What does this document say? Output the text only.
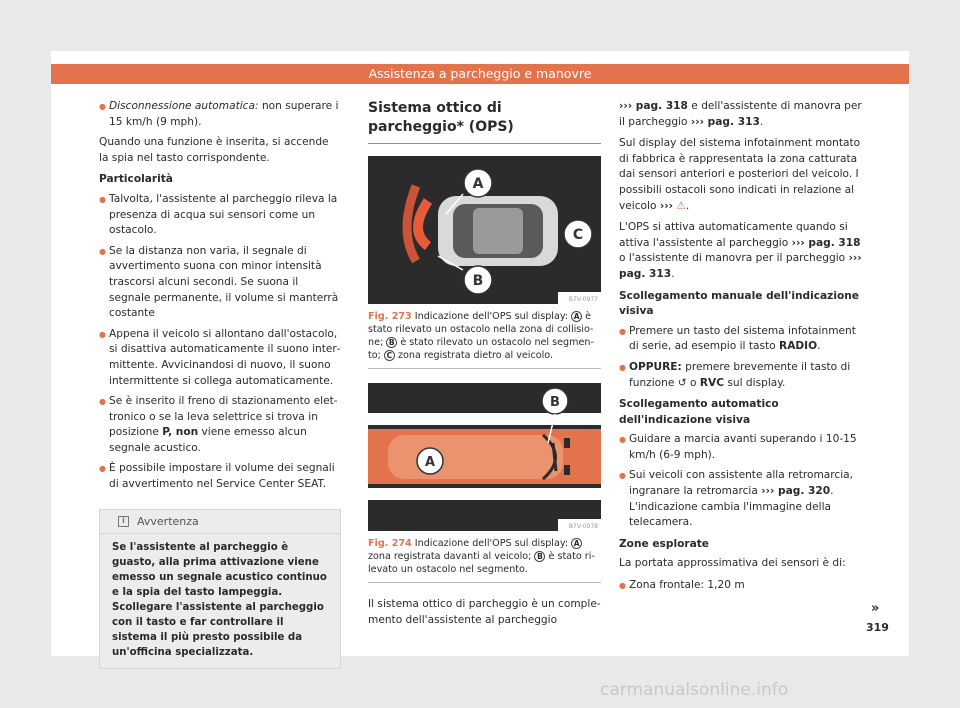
Assistenza a parcheggio e manovre
● Disconnessione automatica: non superare i 15 km/h (9 mph).

Quando una funzione è inserita, si accende la spia nel tasto corrispondente.

Particolarità
● Talvolta, l'assistente al parcheggio rileva la presenza di acqua sui sensori come un ostacolo.
● Se la distanza non varia, il segnale di avvertimento suona con minor intensità trascorsi alcuni secondi. Se suona il segnale permanente, il volume si manterrà costante
● Appena il veicolo si allontano dall'ostacolo, si disattiva automaticamente il suono intermittente. Avvicinandosi di nuovo, il suono intermittente si collega automaticamente.
● Se è inserito il freno di stazionamento elettronico o se la leva selettrice si trova in posizione P, non viene emesso alcun segnale acustico.
● È possibile impostare il volume dei segnali di avvertimento nel Service Center SEAT.
i	Avvertenza
Se l'assistente al parcheggio è guasto, alla prima attivazione viene emesso un segnale acustico continuo e la spia del tasto lampeggia. Scollegare l'assistente al parcheggio con il tasto e far controllare il sistema il più presto possibile da un'officina specializzata.
Sistema ottico di parcheggio* (OPS)
A
C
B
B7V-0977
Fig. 273 Indicazione dell'OPS sul display: A è stato rilevato un ostacolo nella zona di collisione; B è stato rilevato un ostacolo nel segmento; C zona registrata dietro al veicolo.
B
A
B7V-0978
Fig. 274 Indicazione dell'OPS sul display: A zona registrata davanti al veicolo; B è stato rilevato un ostacolo nel segmento.

Il sistema ottico di parcheggio è un complemento dell'assistente al parcheggio

››› pag. 318 e dell'assistente di manovra per il parcheggio ››› pag. 313.

Sul display del sistema infotainment montato di fabbrica è rappresentata la zona catturata dai sensori anteriori e posteriori del veicolo. I possibili ostacoli sono indicati in relazione al veicolo ››› ⚠.

L'OPS si attiva automaticamente quando si attiva l'assistente al parcheggio ››› pag. 318 o l'assistente di manovra per il parcheggio ››› pag. 313.

Scollegamento manuale dell'indicazione visiva
● Premere un tasto del sistema infotainment di serie, ad esempio il tasto RADIO.
● OPPURE: premere brevemente il tasto di funzione ↺ o RVC sul display.
Scollegamento automatico dell'indicazione visiva
● Guidare a marcia avanti superando i 10-15 km/h (6-9 mph).
● Sui veicoli con assistente alla retromarcia, ingranare la retromarcia ››› pag. 320. L'indicazione cambia l'immagine della telecamera.
Zone esplorate

La portata approssimativa dei sensori è di:

● Zona frontale: 1,20 m
»
319
carmanualsonline.info
